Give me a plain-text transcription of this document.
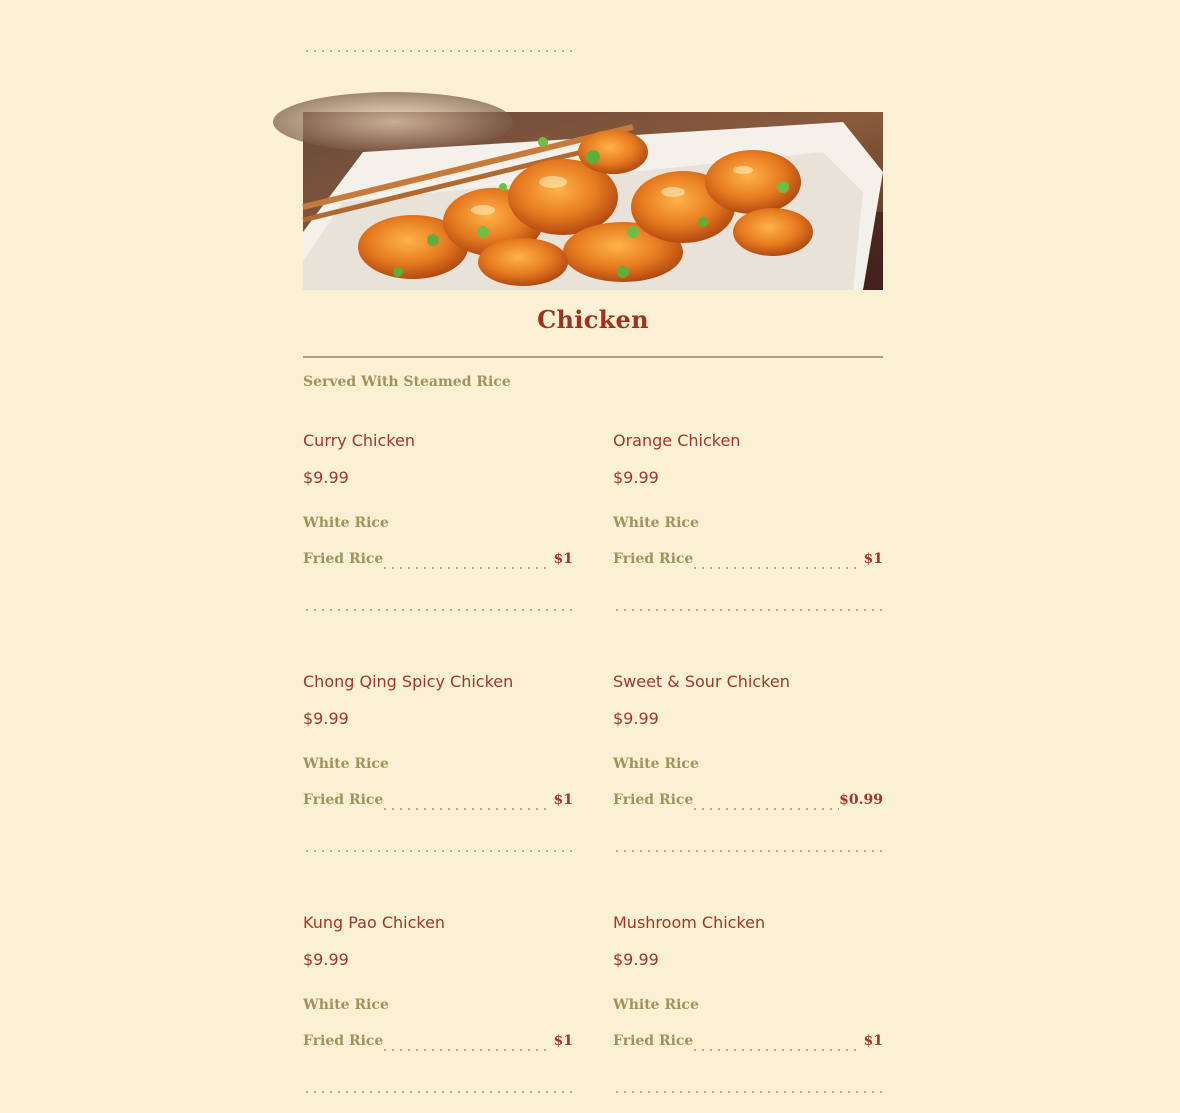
Chicken
Served With Steamed Rice
Curry Chicken
$9.99
White Rice
Fried Rice	$1
Orange Chicken
$9.99
White Rice
Fried Rice	$1
Chong Qing Spicy Chicken
$9.99
White Rice
Fried Rice	$1
Sweet & Sour Chicken
$9.99
White Rice
Fried Rice	$0.99
Kung Pao Chicken
$9.99
White Rice
Fried Rice	$1
Mushroom Chicken
$9.99
White Rice
Fried Rice	$1
